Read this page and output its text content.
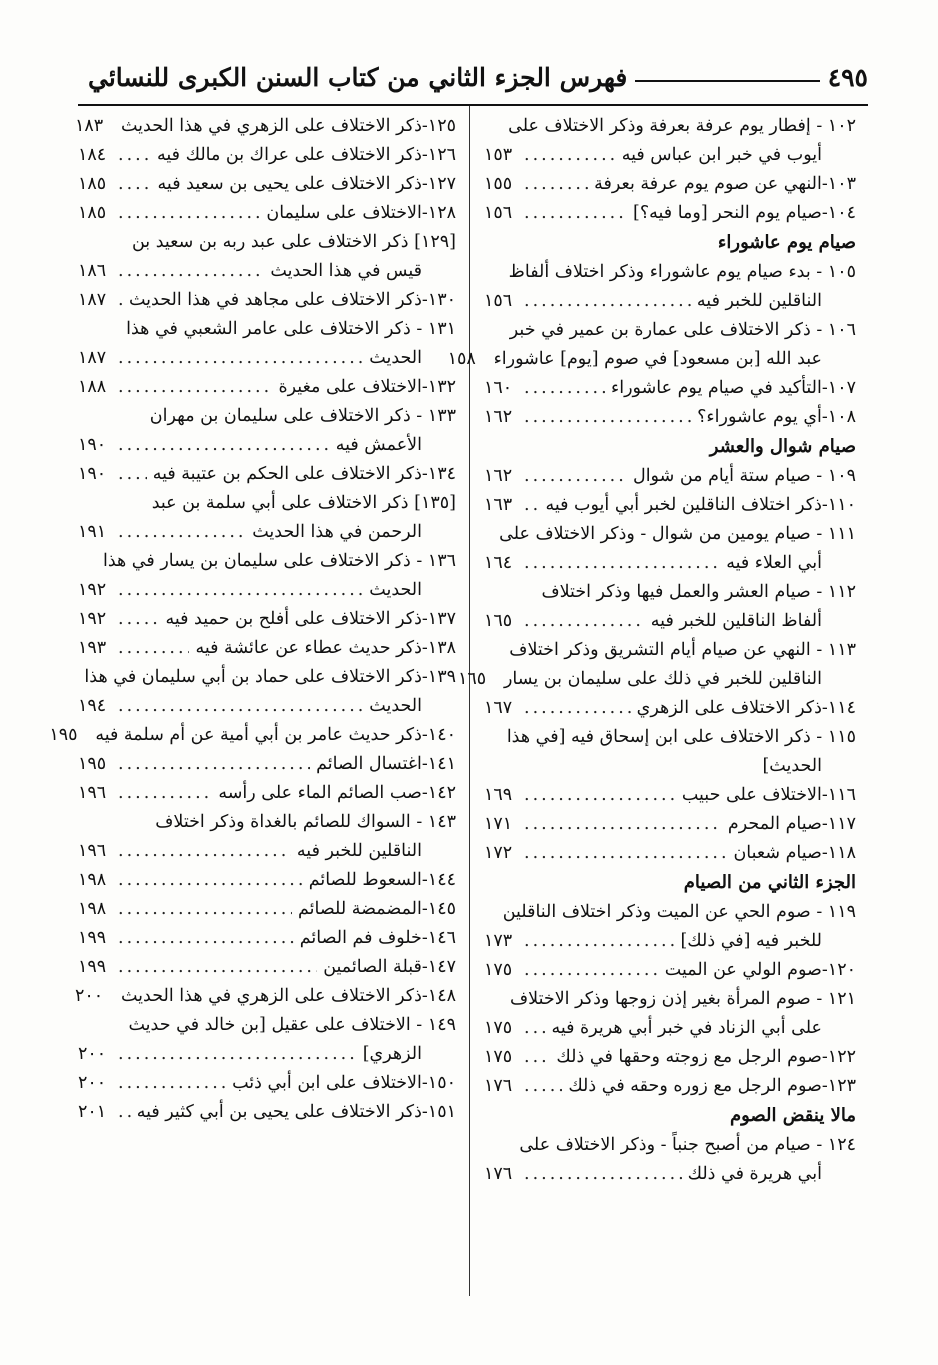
فهرس الجزء الثاني من كتاب السنن الكبرى للنسائي	٤٩٥
١٠٢ - إفطار يوم عرفة بعرفة وذكر الاختلاف على
أيوب في خبر ابن عباس فيه
.....
١٥٣
١٠٣-النهي عن صوم يوم عرفة بعرفة
.....
١٥٥
١٠٤-صيام يوم النحر [وما فيه؟]
.....
١٥٦
صيام يوم عاشوراء
١٠٥ - بدء صيام يوم عاشوراء وذكر اختلاف ألفاظ
الناقلين للخبر فيه
.....
١٥٦
١٠٦ - ذكر الاختلاف على عمارة بن عمير في خبر
عبد الله [بن مسعود] في صوم [يوم] عاشوراء
١٥٨
١٠٧-التأكيد في صيام يوم عاشوراء
.....
١٦٠
١٠٨-أي يوم عاشوراء؟
.....
١٦٢
صيام شوال والعشر
١٠٩ - صيام ستة أيام من شوال
.....
١٦٢
١١٠-ذكر اختلاف الناقلين لخبر أبي أيوب فيه
.....
١٦٣
١١١ - صيام يومين من شوال - وذكر الاختلاف على
أبي العلاء فيه
.....
١٦٤
١١٢ - صيام العشر والعمل فيها وذكر اختلاف
ألفاظ الناقلين للخبر فيه
.....
١٦٥
١١٣ - النهي عن صيام أيام التشريق وذكر اختلاف
الناقلين للخبر في ذلك على سليمان بن يسار
١٦٥
١١٤-ذكر الاختلاف على الزهري
.....
١٦٧
١١٥ - ذكر الاختلاف على ابن إسحاق فيه [في هذا
الحديث]
١١٦-الاختلاف على حبيب
.....
١٦٩
١١٧-صيام المحرم
.....
١٧١
١١٨-صيام شعبان
.....
١٧٢
الجزء الثاني من الصيام
١١٩ - صوم الحي عن الميت وذكر اختلاف الناقلين
للخبر فيه [في ذلك]
.....
١٧٣
١٢٠-صوم الولي عن الميت
.....
١٧٥
١٢١ - صوم المرأة بغير إذن زوجها وذكر الاختلاف
على أبي الزناد في خبر أبي هريرة فيه
.....
١٧٥
١٢٢-صوم الرجل مع زوجته وحقها في ذلك
.....
١٧٥
١٢٣-صوم الرجل مع زوره وحقه في ذلك
.....
١٧٦
مالا ينقض الصوم
١٢٤ - صيام من أصبح جنباً - وذكر الاختلاف على
أبي هريرة في ذلك
.....
١٧٦
١٢٥-ذكر الاختلاف على الزهري في هذا الحديث
١٨٣
١٢٦-ذكر الاختلاف على عراك بن مالك فيه
.....
١٨٤
١٢٧-ذكر الاختلاف على يحيى بن سعيد فيه
.....
١٨٥
١٢٨-الاختلاف على سليمان
.....
١٨٥
[١٢٩] ذكر الاختلاف على عبد ربه بن سعيد بن
قيس في هذا الحديث
.....
١٨٦
١٣٠-ذكر الاختلاف على مجاهد في هذا الحديث
.....
١٨٧
١٣١ - ذكر الاختلاف على عامر الشعبي في هذا
الحديث
.....
١٨٧
١٣٢-الاختلاف على مغيرة
.....
١٨٨
١٣٣ - ذكر الاختلاف على سليمان بن مهران
الأعمش فيه
.....
١٩٠
١٣٤-ذكر الاختلاف على الحكم بن عتيبة فيه
.....
١٩٠
[١٣٥] ذكر الاختلاف على أبي سلمة بن عبد
الرحمن في هذا الحديث
.....
١٩١
١٣٦ - ذكر الاختلاف على سليمان بن يسار في هذا
الحديث
.....
١٩٢
١٣٧-ذكر الاختلاف على أفلح بن حميد فيه
.....
١٩٢
١٣٨-ذكر حديث عطاء عن عائشة فيه
.....
١٩٣
١٣٩-ذكر الاختلاف على حماد بن أبي سليمان في هذا
الحديث
.....
١٩٤
١٤٠-ذكر حديث عامر بن أبي أمية عن أم سلمة فيه
١٩٥
١٤١-اغتسال الصائم
.....
١٩٥
١٤٢-صب الصائم الماء على رأسه
.....
١٩٦
١٤٣ - السواك للصائم بالغداة وذكر اختلاف
الناقلين للخبر فيه
.....
١٩٦
١٤٤-السعوط للصائم
.....
١٩٨
١٤٥-المضمضة للصائم
.....
١٩٨
١٤٦-خلوف فم الصائم
.....
١٩٩
١٤٧-قبلة الصائمين
.....
١٩٩
١٤٨-ذكر الاختلاف على الزهري في هذا الحديث
٢٠٠
١٤٩ - الاختلاف على عقيل [بن خالد في حديث
الزهري]
.....
٢٠٠
١٥٠-الاختلاف على ابن أبي ذئب
.....
٢٠٠
١٥١-ذكر الاختلاف على يحيى بن أبي كثير فيه
.....
٢٠١
